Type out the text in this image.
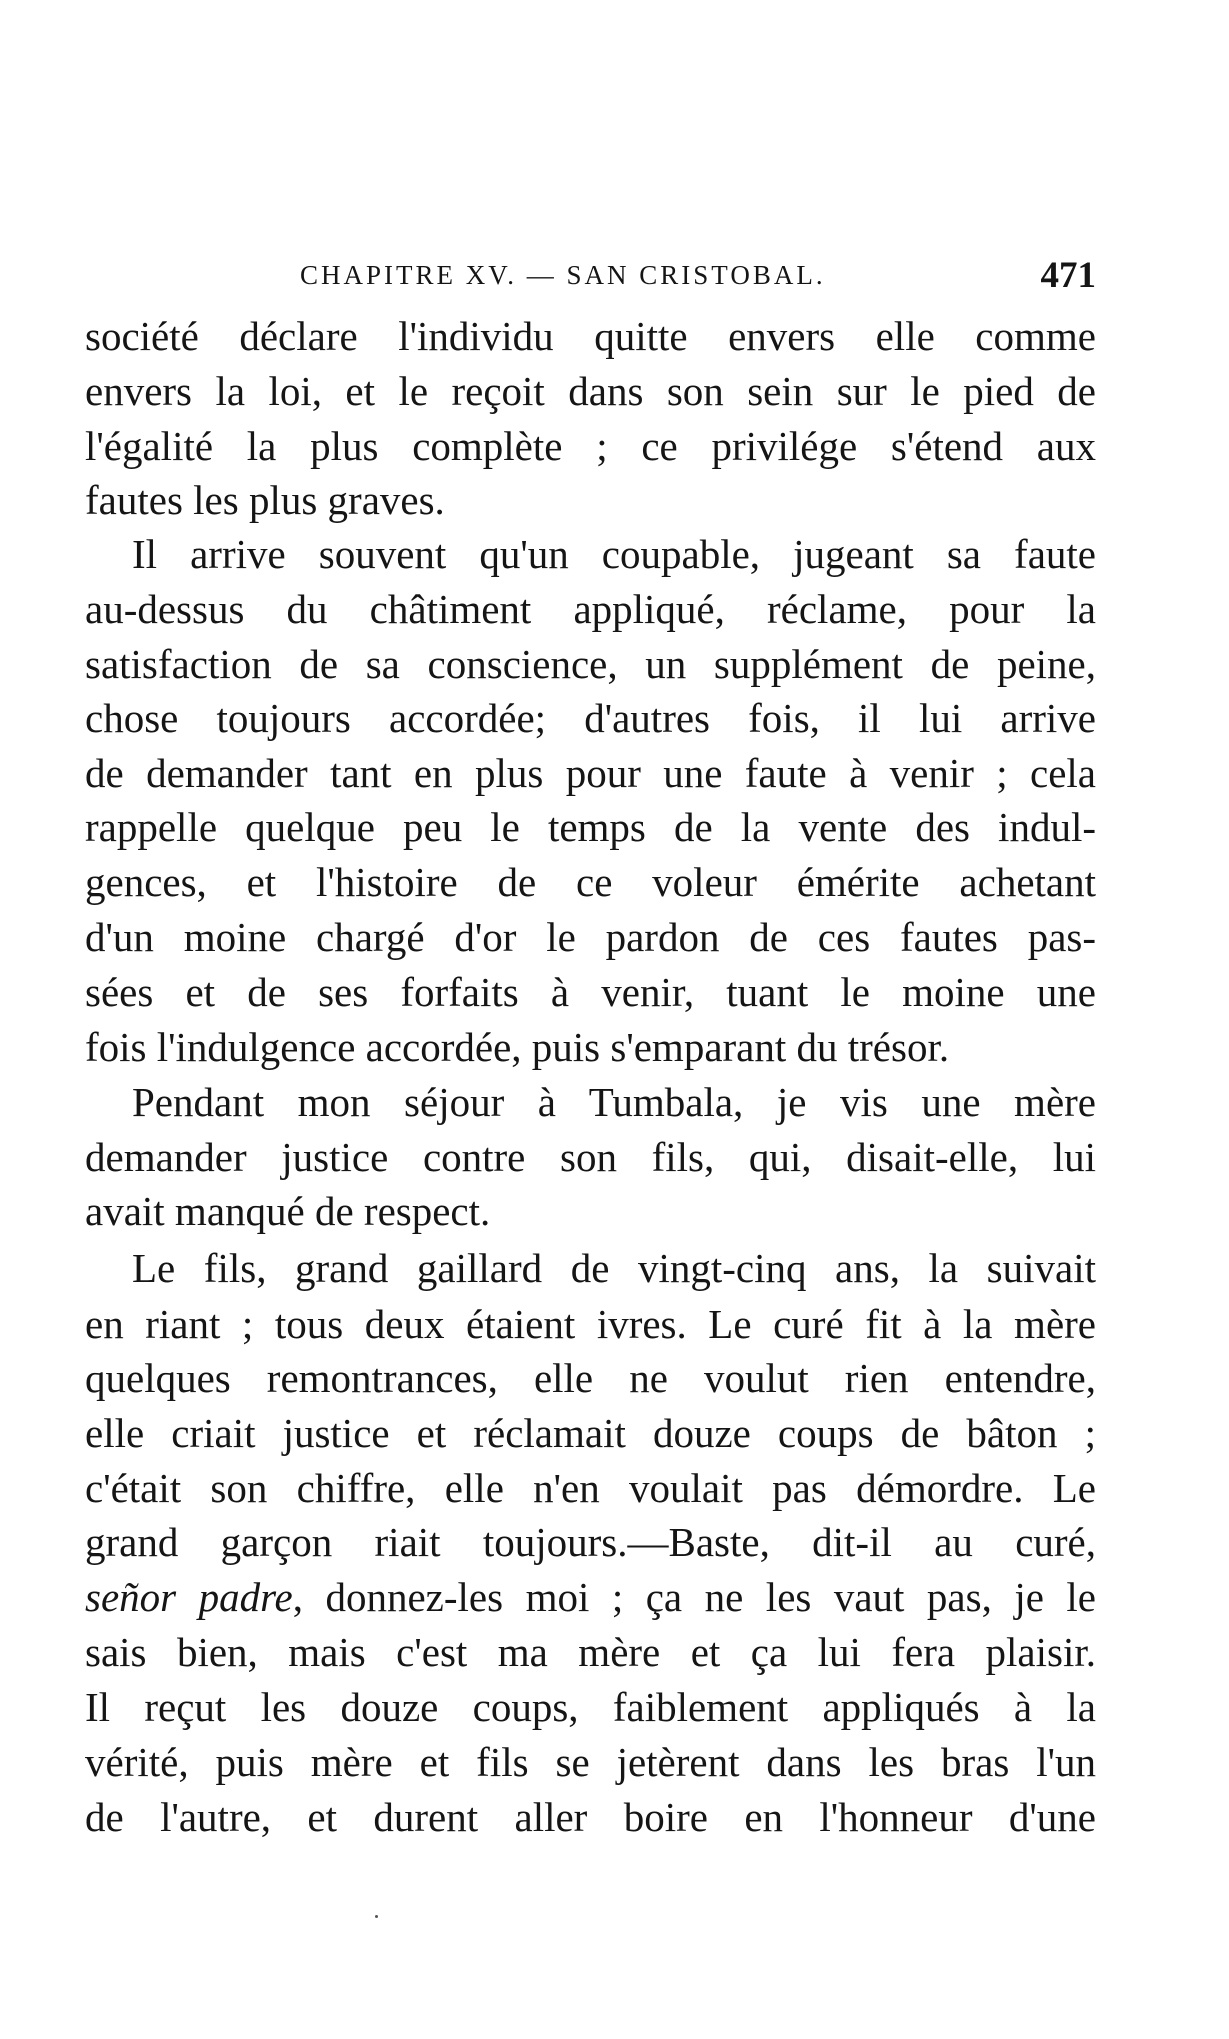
CHAPITRE XV. — SAN CRISTOBAL.	471
société déclare l'individu quitte envers elle comme
envers la loi, et le reçoit dans son sein sur le pied de
l'égalité la plus complète ; ce privilége s'étend aux
fautes les plus graves.
Il arrive souvent qu'un coupable, jugeant sa faute
au-dessus du châtiment appliqué, réclame, pour la
satisfaction de sa conscience, un supplément de peine,
chose toujours accordée; d'autres fois, il lui arrive
de demander tant en plus pour une faute à venir ; cela
rappelle quelque peu le temps de la vente des indul-
gences, et l'histoire de ce voleur émérite achetant
d'un moine chargé d'or le pardon de ces fautes pas-
sées et de ses forfaits à venir, tuant le moine une
fois l'indulgence accordée, puis s'emparant du trésor.
Pendant mon séjour à Tumbala, je vis une mère
demander justice contre son fils, qui, disait-elle, lui
avait manqué de respect.
Le fils, grand gaillard de vingt-cinq ans, la suivait
en riant ; tous deux étaient ivres. Le curé fit à la mère
quelques remontrances, elle ne voulut rien entendre,
elle criait justice et réclamait douze coups de bâton ;
c'était son chiffre, elle n'en voulait pas démordre. Le
grand garçon riait toujours.—Baste, dit-il au curé,
señor padre, donnez-les moi ; ça ne les vaut pas, je le
sais bien, mais c'est ma mère et ça lui fera plaisir.
Il reçut les douze coups, faiblement appliqués à la
vérité, puis mère et fils se jetèrent dans les bras l'un
de l'autre, et durent aller boire en l'honneur d'une
